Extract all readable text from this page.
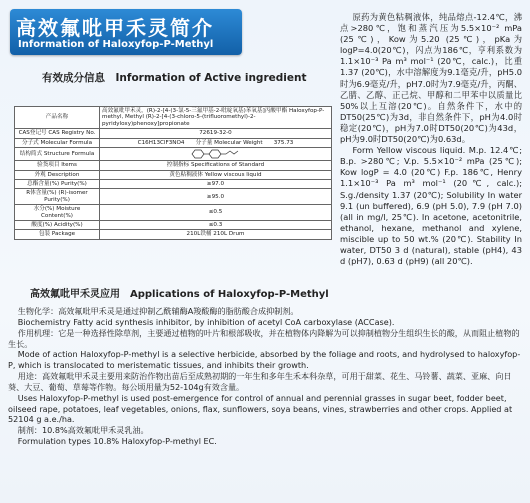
高效氟吡甲禾灵简介
Information of Haloxyfop-P-Methyl
有效成分信息　Information of Active ingredient
产品名称	高效氟吡甲禾灵，(R)-2-[4-(3-氯-5-三氟甲基-2-吡啶氧基)苯氧基]丙酸甲酯 Haloxyfop-P-methyl, Methyl (R)-2-[4-(3-chloro-5-(trifluoromethyl)-2-pyridyloxy)phenoxy]propionate
CAS登记号 CAS Registry No.	72619-32-0
分子式 Molecular Formula	C16H13ClF3NO4　　分子量 Molecular Weight　　375.73
结构简式 Structure Formula	
验货项目 Items	控制指标 Specifications of Standard
外观 Description	黄色粘稠液体 Yellow viscous liquid
总酯含量(%) Purity(%)	≥97.0
R体含量(%) (R)-isomer Purity(%)	≥95.0
水分(%) Moisture Content(%)	≤0.5
酸度(%) Acidity(%)	≤0.3
包装 Package	210L铁桶 210L Drum

原药为黄色粘稠液体，纯品熔点-12.4℃，沸点>280℃，饱和蒸汽压为5.5×10⁻² mPa (25℃)，Kow为5.20 (25℃)，pKa为logP=4.0(20℃)，闪点为186℃，亨利系数为1.1×10⁻³ Pa m³ mol⁻¹ (20℃，calc.)，比重1.37 (20℃)，水中溶解度为9.1毫克/升，pH5.0时为6.9毫克/升，pH7.0时为7.9毫克/升，丙酮、乙腈、乙醇、正己烷、甲醇和二甲苯中以质量比50%以上互溶(20℃)。自然条件下，水中的DT50(25℃)为3d，非自然条件下，pH为4.0时稳定(20℃)，pH为7.0时DT50(20℃)为43d，pH为9.0时DT50(20℃)为0.63d。

Form Yellow viscous liquid. M.p. 12.4℃; B.p. >280℃; V.p. 5.5×10⁻² mPa (25℃); Kow logP = 4.0 (20℃) F.p. 186℃, Henry 1.1×10⁻³ Pa m³ mol⁻¹ (20℃, calc.); S.g./density 1.37 (20℃); Solubility In water 9.1 (un buffered), 6.9 (pH 5.0), 7.9 (pH 7.0) (all in mg/l, 25℃). In acetone, acetonitrile, ethanol, hexane, methanol and xylene, miscible up to 50 wt.% (20℃). Stability In water, DT50 3 d (natural), stable (pH4), 43 d (pH7), 0.63 d (pH9) (all 20℃).

高效氟吡甲禾灵应用　Applications of Haloxyfop-P-Methyl

生物化学：高效氟吡甲禾灵是通过抑制乙酰辅酶A羧酸酶的脂肪酸合成抑制剂。

Biochemistry Fatty acid synthesis inhibitor, by inhibition of acetyl CoA carboxylase (ACCase).

作用机理：它是一种选择性除草剂，主要通过植物的叶片和根部吸收，并在植物体内降解为可以抑制植物分生组织生长的酸，从而阻止植物的生长。

Mode of action Haloxyfop-P-methyl is a selective herbicide, absorbed by the foliage and roots, and hydrolysed to haloxyfop-P, which is translocated to meristematic tissues, and inhibits their growth.

用途：高效氟吡甲禾灵主要用来防治作物出苗后至成熟初期的一年生和多年生禾本科杂草，可用于甜菜、花生、马铃薯、蔬菜、亚麻、向日葵、大豆、葡萄、草莓等作物。每公顷用量为52-104g有效含量。

Uses Haloxyfop-P-methyl is used post-emergence for control of annual and perennial grasses in sugar beet, fodder beet, oilseed rape, potatoes, leaf vegetables, onions, flax, sunflowers, soya beans, vines, strawberries and other crops. Applied at 52104 g a.e./ha.

制剂：10.8%高效氟吡甲禾灵乳油。

Formulation types 10.8% Haloxyfop-P-methyl EC.
